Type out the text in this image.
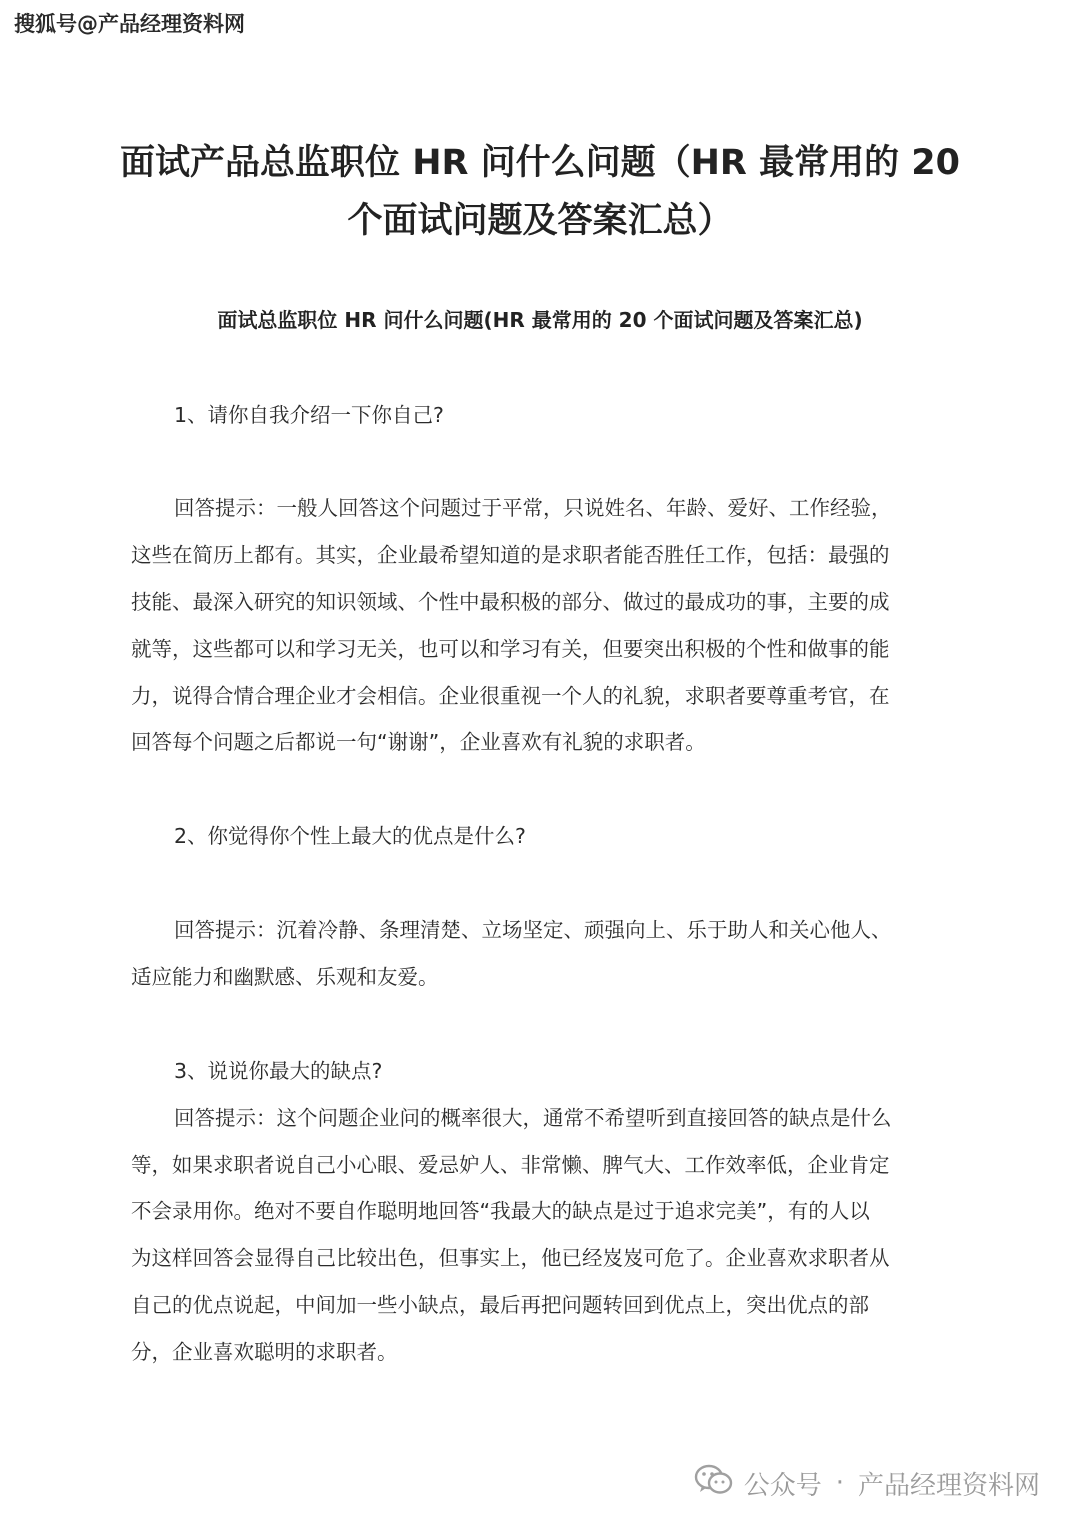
搜狐号@产品经理资料网
面试产品总监职位 HR 问什么问题（HR 最常用的 20
个面试问题及答案汇总）
面试总监职位 HR 问什么问题(HR 最常用的 20 个面试问题及答案汇总)
1、请你自我介绍一下你自己?
回答提示：一般人回答这个问题过于平常，只说姓名、年龄、爱好、工作经验，
这些在简历上都有。其实，企业最希望知道的是求职者能否胜任工作，包括：最强的
技能、最深入研究的知识领域、个性中最积极的部分、做过的最成功的事，主要的成
就等，这些都可以和学习无关，也可以和学习有关，但要突出积极的个性和做事的能
力，说得合情合理企业才会相信。企业很重视一个人的礼貌，求职者要尊重考官，在
回答每个问题之后都说一句“谢谢”，企业喜欢有礼貌的求职者。
2、你觉得你个性上最大的优点是什么?
回答提示：沉着冷静、条理清楚、立场坚定、顽强向上、乐于助人和关心他人、
适应能力和幽默感、乐观和友爱。
3、说说你最大的缺点?
回答提示：这个问题企业问的概率很大，通常不希望听到直接回答的缺点是什么
等，如果求职者说自己小心眼、爱忌妒人、非常懒、脾气大、工作效率低，企业肯定
不会录用你。绝对不要自作聪明地回答“我最大的缺点是过于追求完美”，有的人以
为这样回答会显得自己比较出色，但事实上，他已经岌岌可危了。企业喜欢求职者从
自己的优点说起，中间加一些小缺点，最后再把问题转回到优点上，突出优点的部
分，企业喜欢聪明的求职者。
公众号 · 产品经理资料网
